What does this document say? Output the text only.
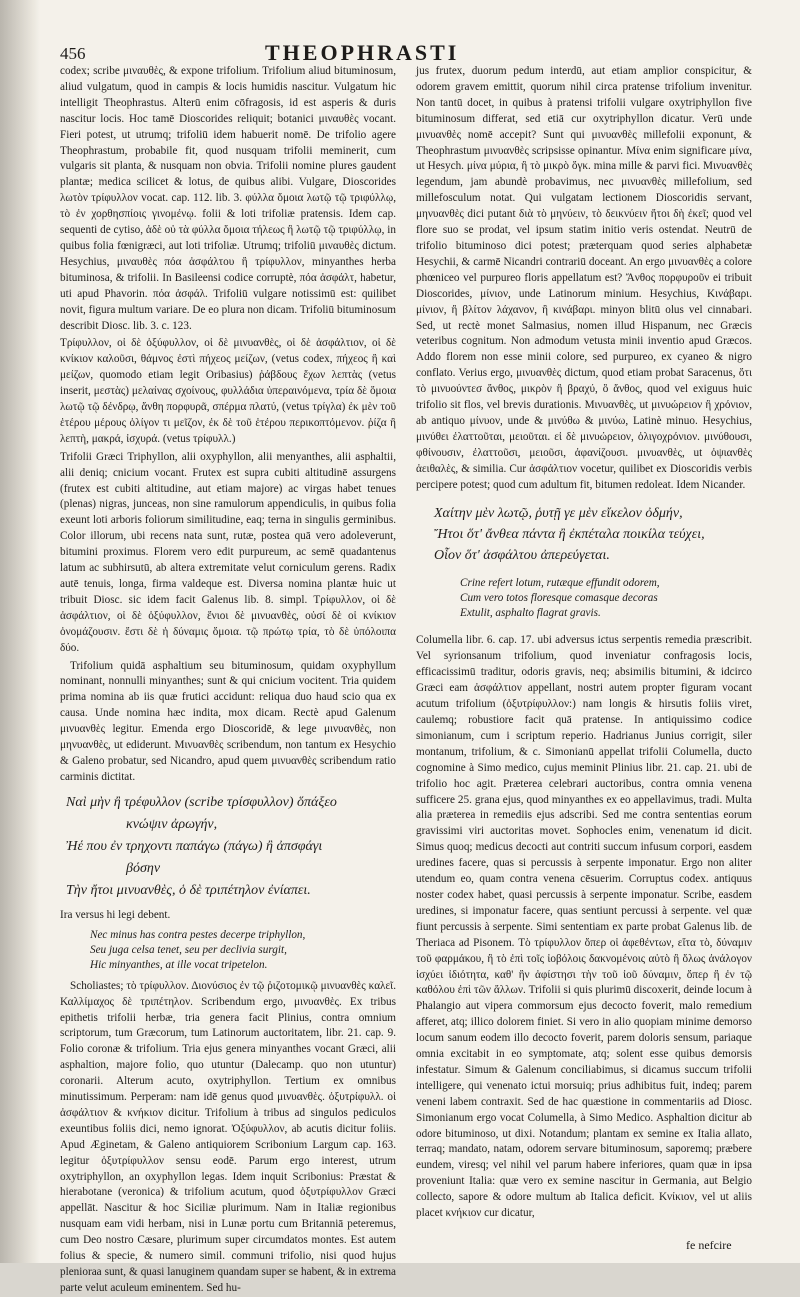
456	THEOPHRASTI

codex; scribe μιναυθὲς, & expone trifolium. Trifolium aliud bituminosum, aliud vulgatum, quod in campis & locis humidis nascitur. Vulgatum hic intelligit Theophrastus. Alterū enim cōfragosis, id est asperis & duris nascitur locis. Hoc tamē Dioscorides reliquit; botanici μιναυθὲς vocant. Fieri potest, ut utrumq; trifoliū idem habuerit nomē. De trifolio agere Theophrastum, probabile fit, quod nusquam trifolii meminerit, cum vulgaris sit planta, & nusquam non obvia. Trifolii nomine plures gaudent plantæ; medica scilicet & lotus, de quibus alibi. Vulgare, Dioscorides λωτὸν τρίφυλλον vocat. cap. 112. lib. 3. φύλλα ὅμοια λωτῷ τῷ τριφύλλῳ, τὸ ἐν χορθησπίοις γινομένῳ. folii & loti trifoliæ pratensis. Idem cap. sequenti de cytiso, ἀδὲ οὐ τὰ φύλλα ὅμοια τήλεως ἢ λωτῷ τῷ τριφύλλῳ, in quibus folia fœnigræci, aut loti trifoliæ. Utrumq; trifoliū μιναυθὲς dictum. Hesychius, μιναυθὲς πόα ἀσφάλτου ἢ τρίφυλλον, minyanthes herba bituminosa, & trifolii. In Basileensi codice corruptè, πόα ἀσφάλτ, habetur, uti apud Phavorin. πόα ἀσφάλ. Trifoliū vulgare notissimū est: quilibet novit, figura multum variare. De eo plura non dicam. Trifoliū bituminosum describit Diosc. lib. 3. c. 123.

Τρίφυλλον, οἱ δὲ ὀξύφυλλον, οἱ δὲ μινυανθὲς, οἱ δὲ ἀσφάλτιον, οἱ δὲ κνίκιον καλοῦσι, θάμνος ἐστὶ πήχεος μείζων, (vetus codex, πήχεος ἢ καὶ μείζων, quomodo etiam legit Oribasius) ῥάβδους ἔχων λεπτὰς (vetus inserit, μεστὰς) μελαίνας σχοίνους, φυλλάδια ὑπεραινόμενα, τρία δὲ ὅμοια λωτῷ τῷ δένδρῳ, ἄνθη πορφυρᾶ, σπέρμα πλατύ, (vetus τρίγλα) ἐκ μὲν τοῦ ἑτέρου μέρους ὀλίγον τι μεῖζον, ἐκ δὲ τοῦ ἑτέρου περικοπτόμενον. ῥίζα ἢ λεπτὴ, μακρά, ἰσχυρά. (vetus τρίφυλλ.)

Trifolii Græci Triphyllon, alii oxyphyllon, alii menyanthes, alii asphaltii, alii deniq; cnicium vocant. Frutex est supra cubiti altitudinē assurgens (frutex est cubiti altitudine, aut etiam majore) ac virgas habet tenues (plenas) nigras, junceas, non sine ramulorum appendiculis, in quibus folia exeunt loti arboris foliorum similitudine, eaq; terna in singulis germinibus. Color illorum, ubi recens nata sunt, rutæ, postea quā vero adoleverunt, bitumini proximus. Florem vero edit purpureum, ac semē quadantenus latum ac subhirsutū, ab altera extremitate velut corniculum gerens. Radix autē tenuis, longa, firma valdeque est. Diversa nomina plantæ huic ut tribuit Diosc. sic idem facit Galenus lib. 8. simpl. Τρίφυλλον, οἱ δὲ ἀσφάλτιον, οἱ δὲ ὀξύφυλλον, ἔνιοι δὲ μινυανθὲς, οὐσί δὲ οἱ κνίκιον ὀνομάζουσιν. ἔστι δὲ ἡ δύναμις ὅμοια. τῷ πρώτῳ τρία, τὸ δὲ ὑπόλοιπα δύο.

Trifolium quidā asphaltium seu bituminosum, quidam oxyphyllum nominant, nonnulli minyanthes; sunt & qui cnicium vocitent. Tria quidem prima nomina ab iis quæ frutici accidunt: reliqua duo haud scio qua ex causa. Unde nomina hæc indita, mox dicam. Rectè apud Galenum μινυανθὲς legitur. Emenda ergo Dioscoridē, & lege μινυανθὲς, non μηνυανθὲς, ut ediderunt. Μινυανθὲς scribendum, non tantum ex Hesychio & Galeno probatur, sed Nicandro, apud quem μινυανθὲς scribendum ratio carminis dictitat.

Ναὶ μὴν ἢ τρέφυλλον (scribe τρίσφυλλον) ὅπάξεο
κνώψιν ἀρωγήν,
Ἠέ που ἐν τρηχοντι παπάγω (πάγω) ἢ ἀπσφάγι
βόσην
Τὴν ἤτοι μινυανθὲς, ὁ δὲ τριπέτηλον ἐνίαπει.

Ira versus hi legi debent.

Nec minus has contra pestes decerpe triphyllon,
Seu juga celsa tenet, seu per declivia surgit,
Hic minyanthes, at ille vocat tripetelon.

Scholiastes; τὸ τρίφυλλον. Διονύσιος ἐν τῷ ῥιζοτομικῷ μινυανθὲς καλεῖ. Καλλίμαχος δὲ τριπέτηλον. Scribendum ergo, μινυανθὲς. Ex tribus epithetis trifolii herbæ, tria genera facit Plinius, contra omnium scriptorum, tum Græcorum, tum Latinorum auctoritatem, libr. 21. cap. 9. Folio coronæ & trifolium. Tria ejus genera minyanthes vocant Græci, alii asphaltion, majore folio, quo utuntur (Dalecamp. quo non utuntur) coronarii. Alterum acuto, oxytriphyllon. Tertium ex omnibus minutissimum. Perperam: nam idē genus quod μινυανθὲς. ὀξυτρίφυλλ. οἱ ἀσφάλτιον & κνήκιον dicitur. Trifolium à tribus ad singulos pediculos exeuntibus foliis dici, nemo ignorat. Ὀξύφυλλον, ab acutis dicitur foliis. Apud Æginetam, & Galeno antiquiorem Scribonium Largum cap. 163. legitur ὀξυτρίφυλλον sensu eodē. Parum ergo interest, utrum oxytriphyllon, an oxyphyllon legas. Idem inquit Scribonius: Præstat & hierabotane (veronica) & trifolium acutum, quod ὀξυτρίφυλλον Græci appellāt. Nascitur & hoc Siciliæ plurimum. Nam in Italiæ regionibus nusquam eam vidi herbam, nisi in Lunæ portu cum Britanniā peteremus, cum Deo nostro Cæsare, plurimum super circumdatos montes. Est autem folius & specie, & numero simil. communi trifolio, nisi quod hujus plenioraa sunt, & quasi lanuginem quandam super se habent, & in extrema parte velut aculeum eminentem. Sed hu-

jus frutex, duorum pedum interdū, aut etiam amplior conspicitur, & odorem gravem emittit, quorum nihil circa pratense trifolium invenitur. Non tantū docet, in quibus à pratensi trifolii vulgare oxytriphyllon five bituminosum differat, sed etiā cur oxytriphyllon dicatur. Verū unde μινυανθὲς nomē accepit? Sunt qui μινυανθὲς millefolii exponunt, & Theophrastum μινυανθὲς scripsisse opinantur. Μίνα enim significare μίνα, ut Hesych. μίνα μύρια, ἢ τὸ μικρὸ ὄγκ. mina mille & parvi fici. Μινυανθὲς legendum, jam abundè probavimus, nec μινυανθὲς millefolium, sed millefosculum notat. Qui vulgatam lectionem Dioscoridis servant, μηνυανθὲς dici putant διὰ τὸ μηνύειν, τὸ δεικνύειν ἤτοι δὴ ἐκεῖ; quod vel flore suo se prodat, vel ipsum statim initio veris ostendat. Neutrū de trifolio bituminoso dici potest; præterquam quod series alphabetæ Hesychii, & carmē Nicandri contrariū doceant. An ergo μινυανθὲς a colore phœniceo vel purpureo floris appellatum est? Ἄνθος πορφυροῦν ei tribuit Dioscorides, μίνιον, unde Latinorum minium. Hesychius, Κινάβαρι. μίνιον, ἢ βλίτον λάχανον, ἢ κινάβαρι. minyon blitū olus vel cinnabari. Sed, ut rectè monet Salmasius, nomen illud Hispanum, nec Græcis veteribus cognitum. Non admodum vetusta minii inventio apud Græcos. Addo florem non esse minii colore, sed purpureo, ex cyaneo & nigro conflato. Verius ergo, μινυανθὲς dictum, quod etiam probat Saracenus, ὅτι τὸ μινυούντεσ ἄνθος, μικρὸν ἢ βραχύ, ὃ ἄνθος, quod vel exiguus huic trifolio sit flos, vel brevis durationis. Μινυανθὲς, ut μινυώρειον ἢ χρόνιον, ab antiquo μίνυον, unde & μινύθω & μινύω, Latinè minuo. Hesychius, μινύθει ἐλαττοῦται, μειοῦται. εἰ δὲ μινυώρειον, ὀλιγοχρόνιον. μινύθουσι, φθίνουσιν, ἐλαττοῦσι, μειοῦσι, ἀφανίζουσι. μινυανθὲς, ut ὀψιανθὲς ἀειθαλὲς, & similia. Cur ἀσφάλτιον vocetur, quilibet ex Dioscoridis verbis percipere potest; quod cum adultum fit, bitumen redoleat. Idem Nicander.

Χαίτην μὲν λωτῷ, ῥυτῇ γε μὲν εἴκελον ὀδμήν,
Ἤτοι ὅτ' ἄνθεα πάντα ἢ ἐκπέταλα ποικίλα τεύχει,
Οἷον ὅτ' ἀσφάλτου ἀπερεύγεται.
Crine refert lotum, rutæque effundit odorem,
Cum vero totos floresque comasque decoras
Extulit, asphalto flagrat gravis.

Columella libr. 6. cap. 17. ubi adversus ictus serpentis remedia præscribit. Vel syrionsanum trifolium, quod inveniatur confragosis locis, efficacissimū traditur, odoris gravis, neq; absimilis bitumini, & idcirco Græci eam ἀσφάλτιον appellant, nostri autem propter figuram vocant acutum trifolium (ὀξυτρίφυλλον:) nam longis & hirsutis foliis viret, caulemq; robustiore facit quā pratense. In antiquissimo codice simonianum, cum i scriptum reperio. Hadrianus Junius corrigit, siler montanum, trifolium, & c. Simonianū appellat trifolii Columella, ducto cognomine à Simo medico, cujus meminit Plinius libr. 21. cap. 21. ubi de trifolio hoc agit. Præterea celebrari auctoribus, contra omnia venena sufficere 25. grana ejus, quod minyanthes ex eo appellavimus, tradi. Multa alia præterea in remediis ejus adscribi. Sed me contra sententias eorum gravissimi viri auctoritas movet. Sophocles enim, venenatum id dicit. Simus quoq; medicus decocti aut contriti succum infusum corpori, easdem uredines facere, quas si percussis à serpente imponatur. Ergo non aliter utendum eo, quam contra venena cēsuerim. Corruptus codex. antiquus noster codex habet, quasi percussis à serpente imponatur. Scribe, easdem uredines, si imponatur facere, quas sentiunt percussi à serpente. vel quæ fiunt percussis à serpente. Simi sententiam ex parte probat Galenus lib. de Theriaca ad Pisonem. Τὸ τρίφυλλον ὅπερ οἱ ἀφεθέντων, εἴτα τὸ, δύναμιν τοῦ φαρμάκου, ἢ τὸ ἐπὶ τοῖς ἰοβόλοις δακνομένοις αὐτὸ ἢ ὅλως ἀνάλογον ἰσχύει ἰδιότητα, καθ' ἣν ἀφίστησι τὴν τοῦ ἰοῦ δύναμιν, ὅπερ ἢ ἐν τῷ καθόλου ἐπὶ τῶν ἄλλων. Trifolii si quis plurimū discoxerit, deinde locum à Phalangio aut vipera commorsum ejus decocto foverit, malo remedium afferet, atq; illico dolorem finiet. Si vero in alio quopiam minime demorso locum sanum eodem illo decocto foverit, parem doloris sensum, pariaque omnia excitabit in eo symptomate, atq; solent esse quibus demorsis infestatur. Simum & Galenum conciliabimus, si dicamus succum trifolii intelligere, qui venenato ictui morsuiq; prius adhibitus fuit, indeq; parem veneni labem contraxit. Sed de hac quæstione in commentariis ad Diosc. Simonianum ergo vocat Columella, à Simo Medico. Asphaltion dicitur ab odore bituminoso, ut dixi. Notandum; plantam ex semine ex Italia allato, terraq; mandato, natam, odorem servare bituminosum, saporemq; præbere eundem, viresq; vel nihil vel parum habere inferiores, quam quæ in ipsa proveniunt Italia: quæ vero ex semine nascitur in Germania, aut Belgio collecto, sapore & odore multum ab Italica deficit. Κνίκιον, vel ut aliis placet κνήκιον cur dicatur,

fe nefcire
